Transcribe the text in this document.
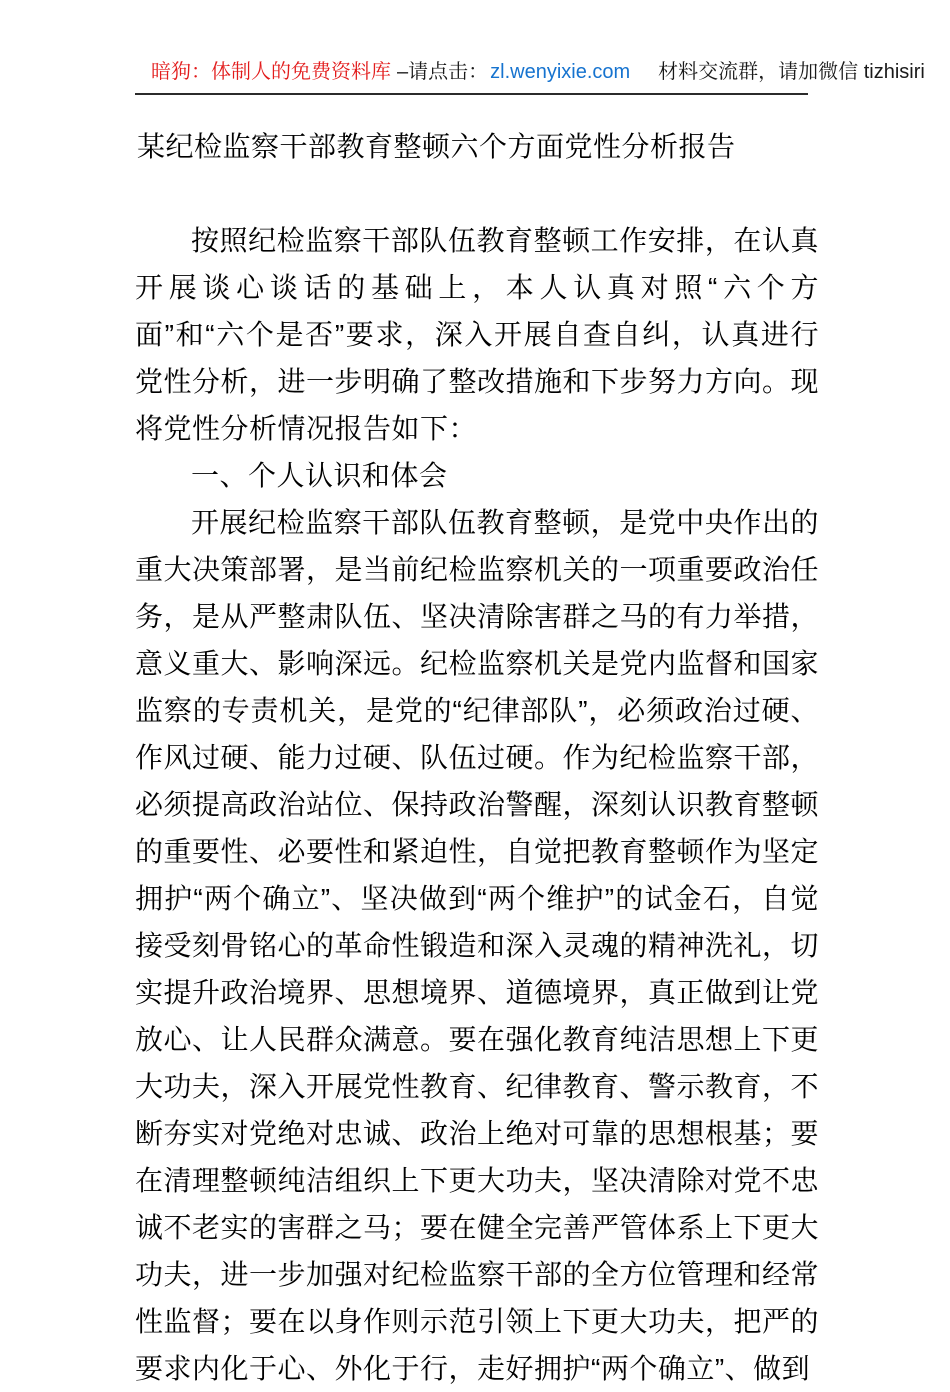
暗狗：体制人的免费资料库 –请点击： zl.wenyixie.com 材料交流群，请加微信 tizhisiri
某纪检监察干部教育整顿六个方面党性分析报告

按照纪检监察干部队伍教育整顿工作安排，在认真开展谈心谈话的基础上，本人认真对照“六个方面”和“六个是否”要求，深入开展自查自纠，认真进行党性分析，进一步明确了整改措施和下步努力方向。现将党性分析情况报告如下：

一、个人认识和体会

开展纪检监察干部队伍教育整顿，是党中央作出的重大决策部署，是当前纪检监察机关的一项重要政治任务，是从严整肃队伍、坚决清除害群之马的有力举措，意义重大、影响深远。纪检监察机关是党内监督和国家监察的专责机关，是党的“纪律部队”，必须政治过硬、作风过硬、能力过硬、队伍过硬。作为纪检监察干部，必须提高政治站位、保持政治警醒，深刻认识教育整顿的重要性、必要性和紧迫性，自觉把教育整顿作为坚定拥护“两个确立”、坚决做到“两个维护”的试金石，自觉接受刻骨铭心的革命性锻造和深入灵魂的精神洗礼，切实提升政治境界、思想境界、道德境界，真正做到让党放心、让人民群众满意。要在强化教育纯洁思想上下更大功夫，深入开展党性教育、纪律教育、警示教育，不断夯实对党绝对忠诚、政治上绝对可靠的思想根基；要在清理整顿纯洁组织上下更大功夫，坚决清除对党不忠诚不老实的害群之马；要在健全完善严管体系上下更大功夫，进一步加强对纪检监察干部的全方位管理和经常性监督；要在以身作则示范引领上下更大功夫，把严的要求内化于心、外化于行，走好拥护“两个确立”、做到
